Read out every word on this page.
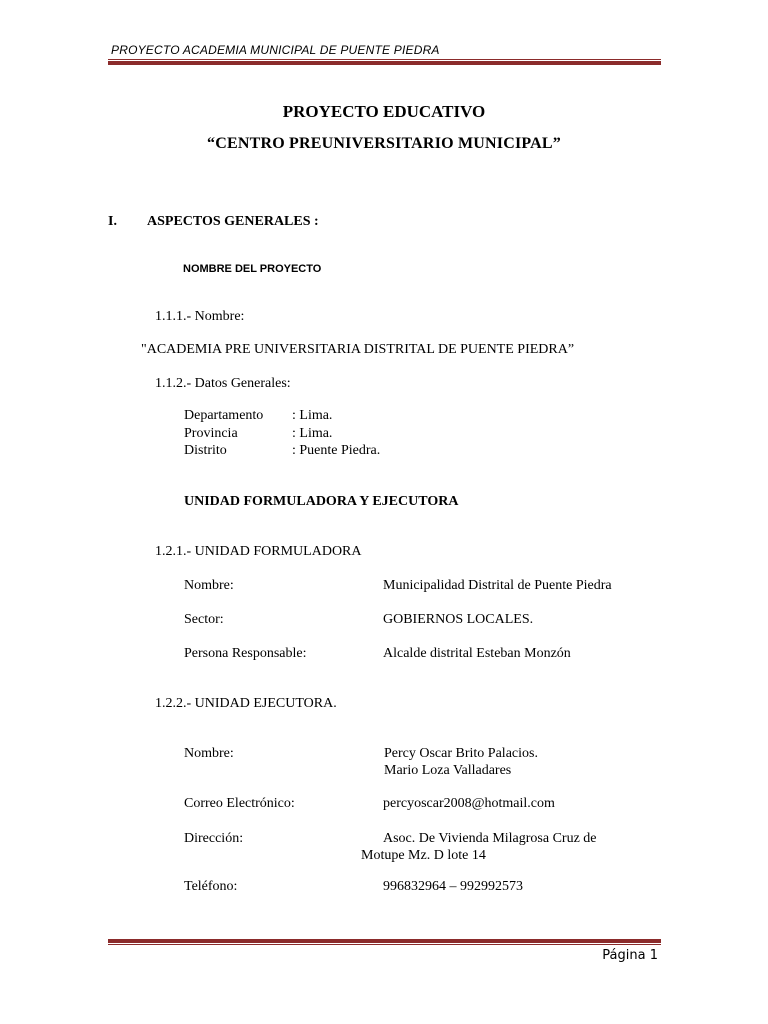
PROYECTO ACADEMIA MUNICIPAL DE PUENTE PIEDRA
PROYECTO EDUCATIVO
“CENTRO PREUNIVERSITARIO MUNICIPAL”
I. ASPECTOS GENERALES :
NOMBRE DEL PROYECTO
1.1.1.- Nombre:
"ACADEMIA PRE UNIVERSITARIA DISTRITAL DE PUENTE PIEDRA”
1.1.2.- Datos Generales:
Departamento : Lima.
Provincia	: Lima.
Distrito	: Puente Piedra.
UNIDAD FORMULADORA Y EJECUTORA
1.2.1.- UNIDAD FORMULADORA
Nombre:	Municipalidad Distrital de Puente Piedra
Sector:	GOBIERNOS LOCALES.
Persona Responsable:	Alcalde distrital Esteban Monzón
1.2.2.- UNIDAD EJECUTORA.
Nombre:	Percy Oscar Brito Palacios.
Mario Loza Valladares
Correo Electrónico:	percyoscar2008@hotmail.com
Dirección:	Asoc. De Vivienda Milagrosa Cruz de
Motupe Mz. D lote 14
Teléfono:	996832964 – 992992573
Página 1
